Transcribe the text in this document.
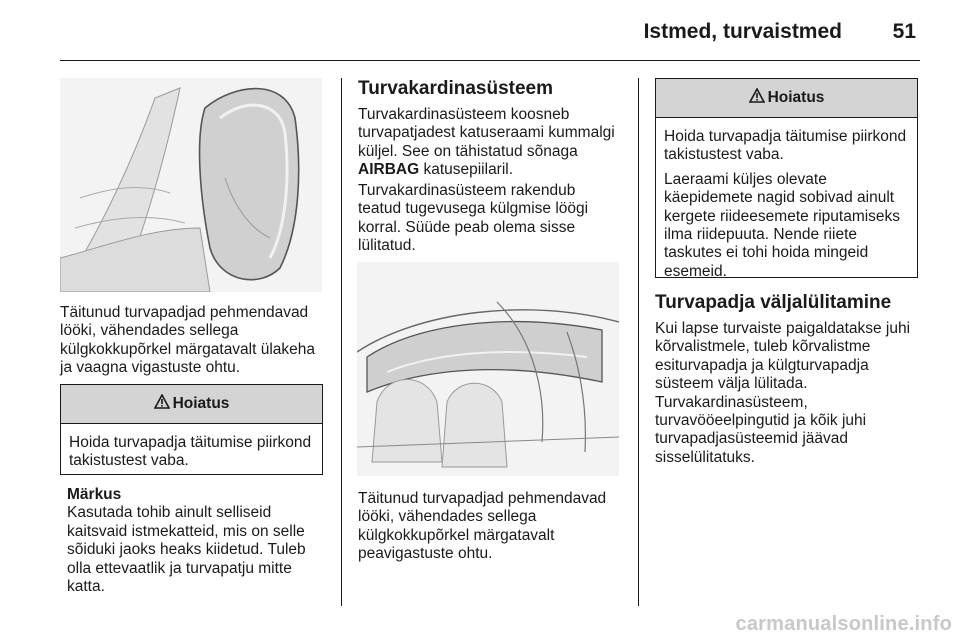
Istmed, turvaistmed 51

Täitunud turvapadjad pehmendavad lööki, vähendades sellega külgkokkupõrkel märgatavalt ülakeha ja vaagna vigastuste ohtu.

Hoiatus

Hoida turvapadja täitumise piirkond takistustest vaba.

Märkus
Kasutada tohib ainult selliseid kaitsvaid istmekatteid, mis on selle sõiduki jaoks heaks kiidetud. Tuleb olla ettevaatlik ja turvapatju mitte katta.
Turvakardinasüsteem

Turvakardinasüsteem koosneb turvapatjadest katuseraami kummalgi küljel. See on tähistatud sõnaga AIRBAG katusepiilaril.

Turvakardinasüsteem rakendub teatud tugevusega külgmise löögi korral. Süüde peab olema sisse lülitatud.

Täitunud turvapadjad pehmendavad lööki, vähendades sellega külgkokkupõrkel märgatavalt peavigastuste ohtu.

Hoiatus

Hoida turvapadja täitumise piirkond takistustest vaba.

Laeraami küljes olevate käepidemete nagid sobivad ainult kergete riideesemete riputamiseks ilma riidepuuta. Nende riiete taskutes ei tohi hoida mingeid esemeid.

Turvapadja väljalülitamine

Kui lapse turvaiste paigaldatakse juhi kõrvalistmele, tuleb kõrvalistme esiturvapadja ja külgturvapadja süsteem välja lülitada. Turvakardinasüsteem, turvavööeelpingutid ja kõik juhi turvapadjasüsteemid jäävad sisselülitatuks.

carmanualsonline.info
